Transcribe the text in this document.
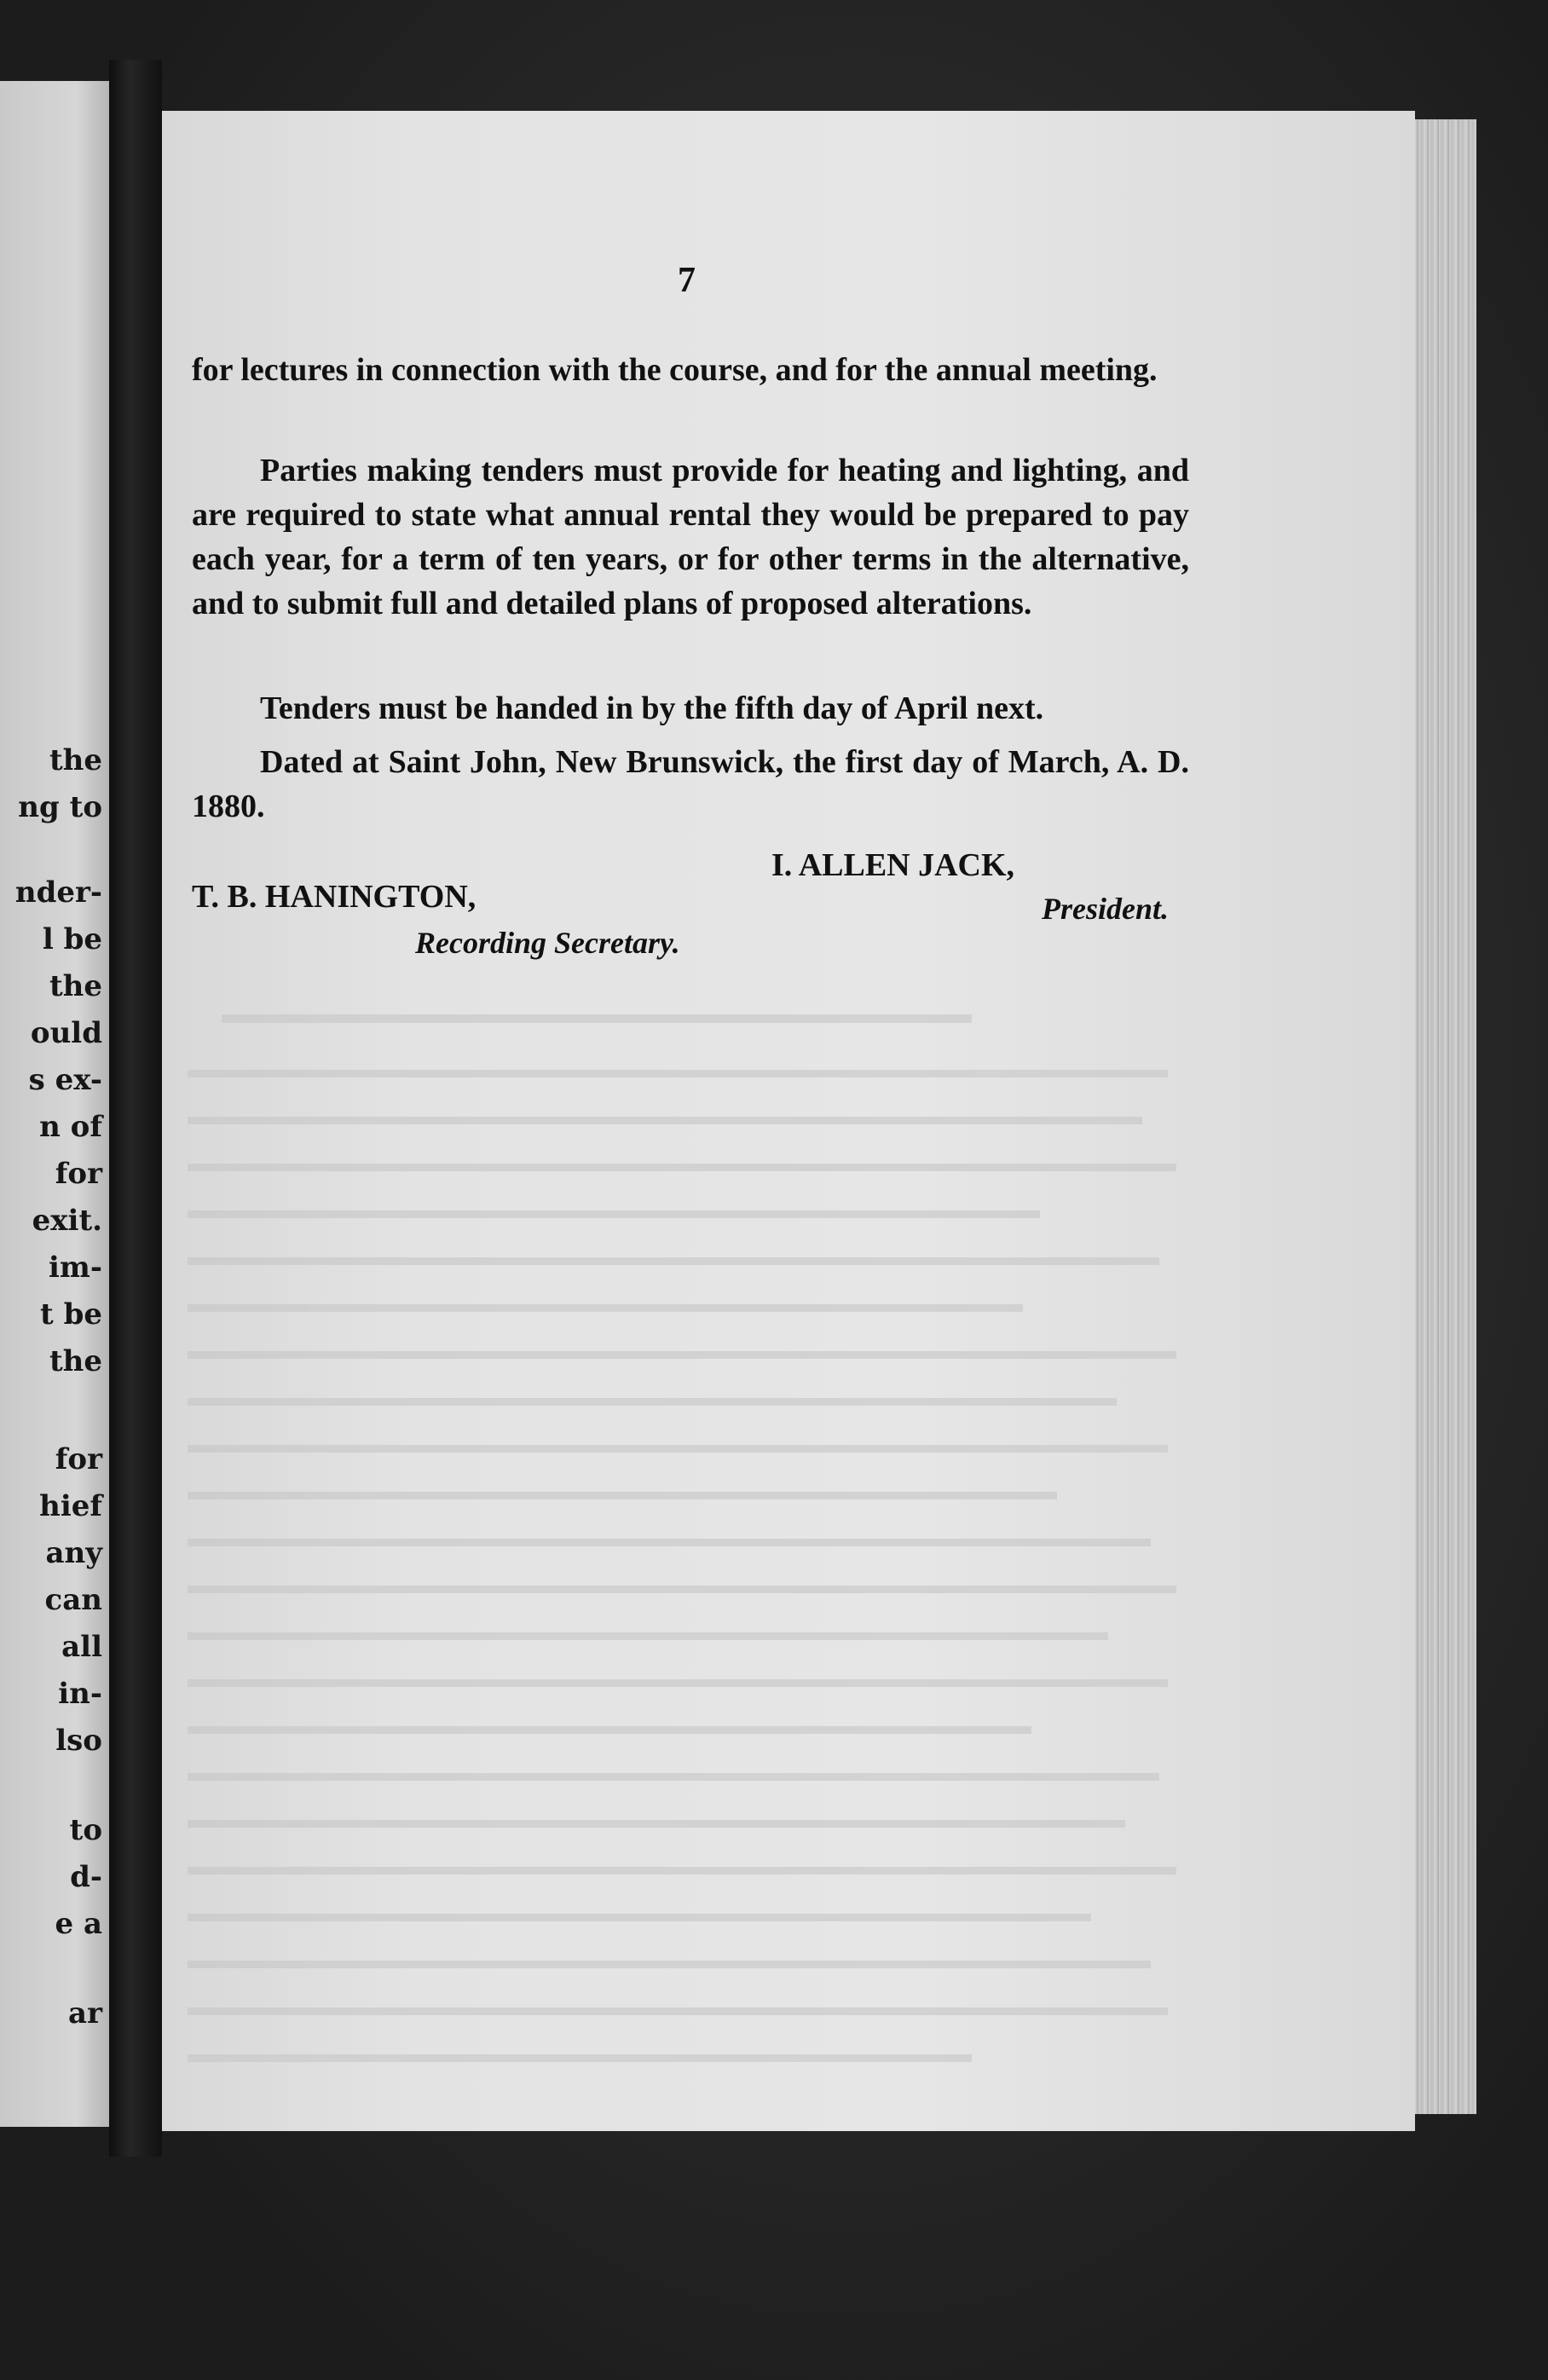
the
ng to
nder-
l be
the
ould
s ex-
n of
for
exit.
im-
t be
the
for
hief
any
can
all
in-
lso
to
d-
e a
ar
7
for lectures in connection with the course, and for the annual meeting.
Parties making tenders must provide for heating and lighting, and are required to state what annual rental they would be prepared to pay each year, for a term of ten years, or for other terms in the alternative, and to submit full and detailed plans of proposed alterations.
Tenders must be handed in by the fifth day of April next.
Dated at Saint John, New Brunswick, the first day of March, A. D. 1880.
I. ALLEN JACK,
President.
T. B. HANINGTON,
Recording Secretary.
